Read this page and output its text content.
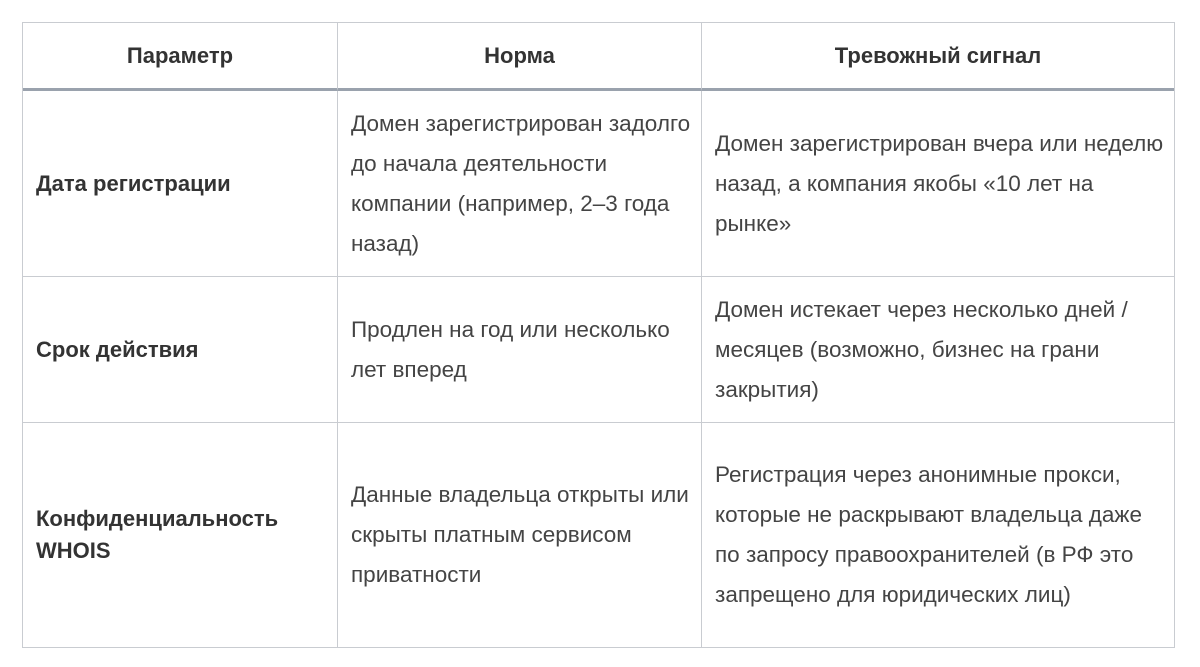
Параметр	Норма	Тревожный сигнал
Дата регистрации
Домен зарегистрирован задолго до начала деятельности компании (например, 2–3 года назад)
Домен зарегистрирован вчера или неделю назад, а компания якобы «10 лет на рынке»
Срок действия
Продлен на год или несколько лет вперед
Домен истекает через несколько дней / месяцев (возможно, бизнес на грани закрытия)
Конфиденциальность WHOIS
Данные владельца открыты или скрыты платным сервисом приватности
Регистрация через анонимные прокси, которые не раскрывают владельца даже по запросу правоохранителей (в РФ это запрещено для юридических лиц)
